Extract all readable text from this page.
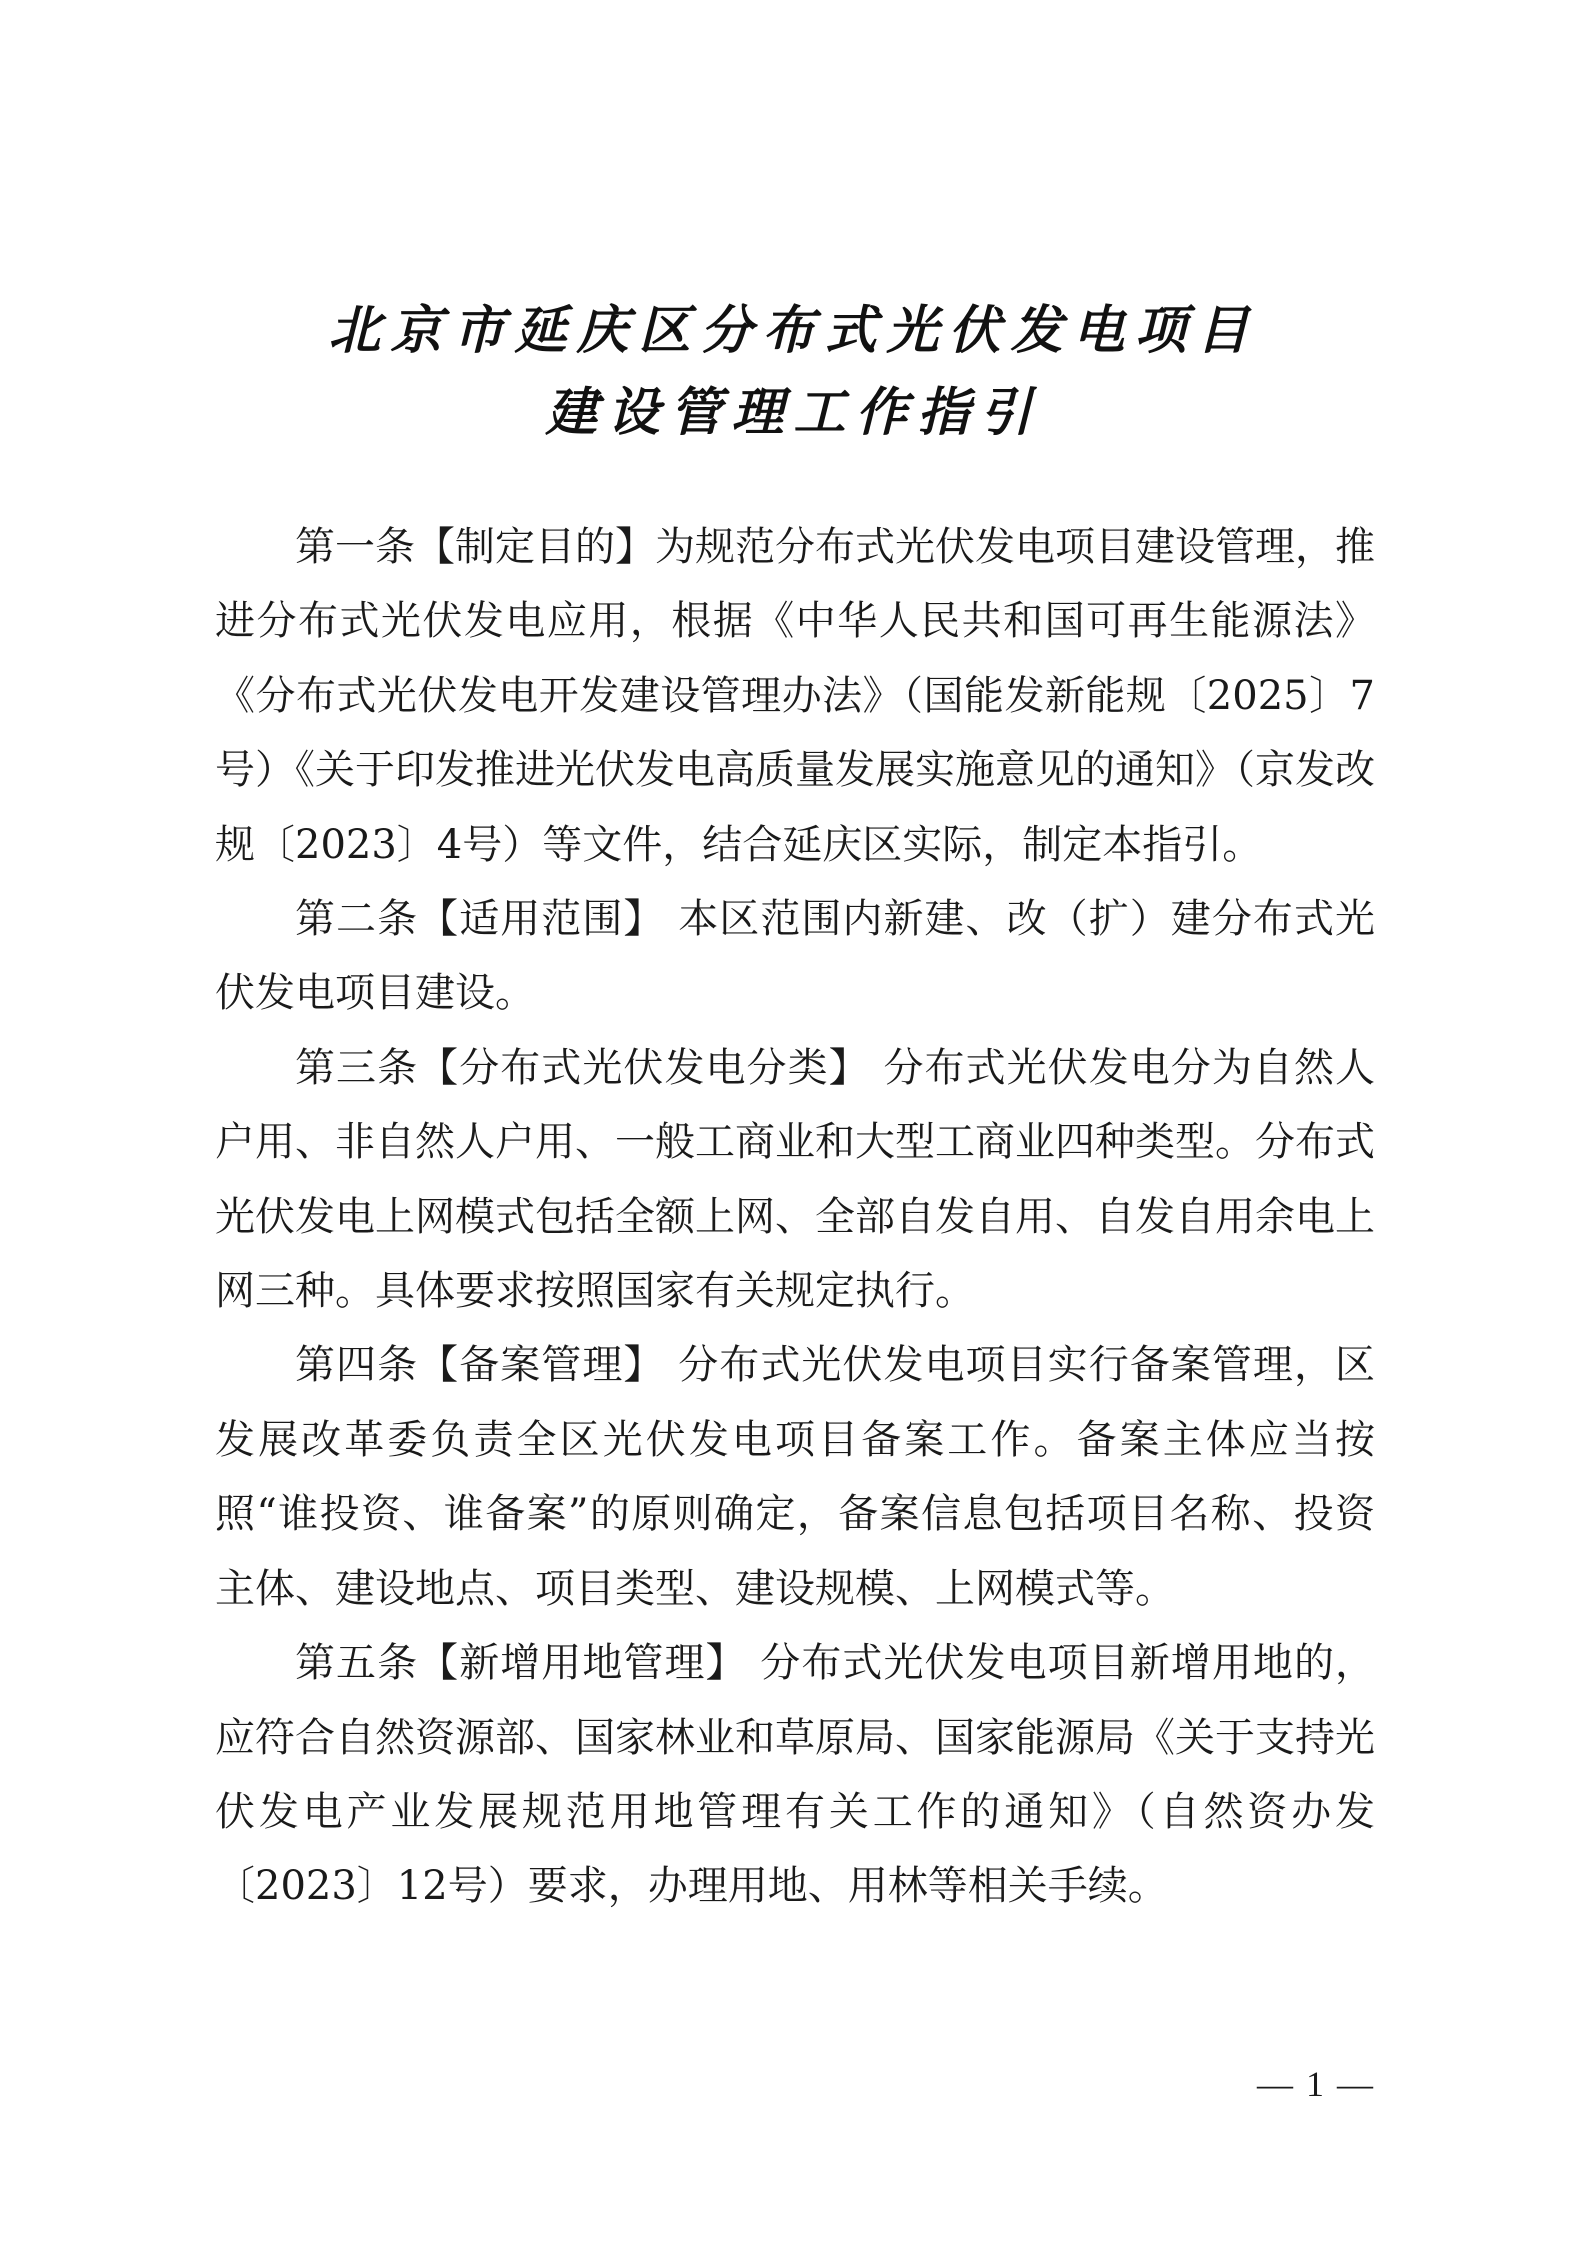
北京市延庆区分布式光伏发电项目
建设管理工作指引

第一条【制定目的】为规范分布式光伏发电项目建设管理，推进分布式光伏发电应用，根据《中华人民共和国可再生能源法》《分布式光伏发电开发建设管理办法》（国能发新能规〔2025〕7号）《关于印发推进光伏发电高质量发展实施意见的通知》（京发改规〔2023〕4号）等文件，结合延庆区实际，制定本指引。

第二条【适用范围】 本区范围内新建、改（扩）建分布式光伏发电项目建设。

第三条【分布式光伏发电分类】 分布式光伏发电分为自然人户用、非自然人户用、一般工商业和大型工商业四种类型。分布式光伏发电上网模式包括全额上网、全部自发自用、自发自用余电上网三种。具体要求按照国家有关规定执行。

第四条【备案管理】 分布式光伏发电项目实行备案管理，区发展改革委负责全区光伏发电项目备案工作。备案主体应当按照“谁投资、谁备案”的原则确定，备案信息包括项目名称、投资主体、建设地点、项目类型、建设规模、上网模式等。

第五条【新增用地管理】 分布式光伏发电项目新增用地的，应符合自然资源部、国家林业和草原局、国家能源局《关于支持光伏发电产业发展规范用地管理有关工作的通知》（自然资办发〔2023〕12号）要求，办理用地、用林等相关手续。

— 1 —
